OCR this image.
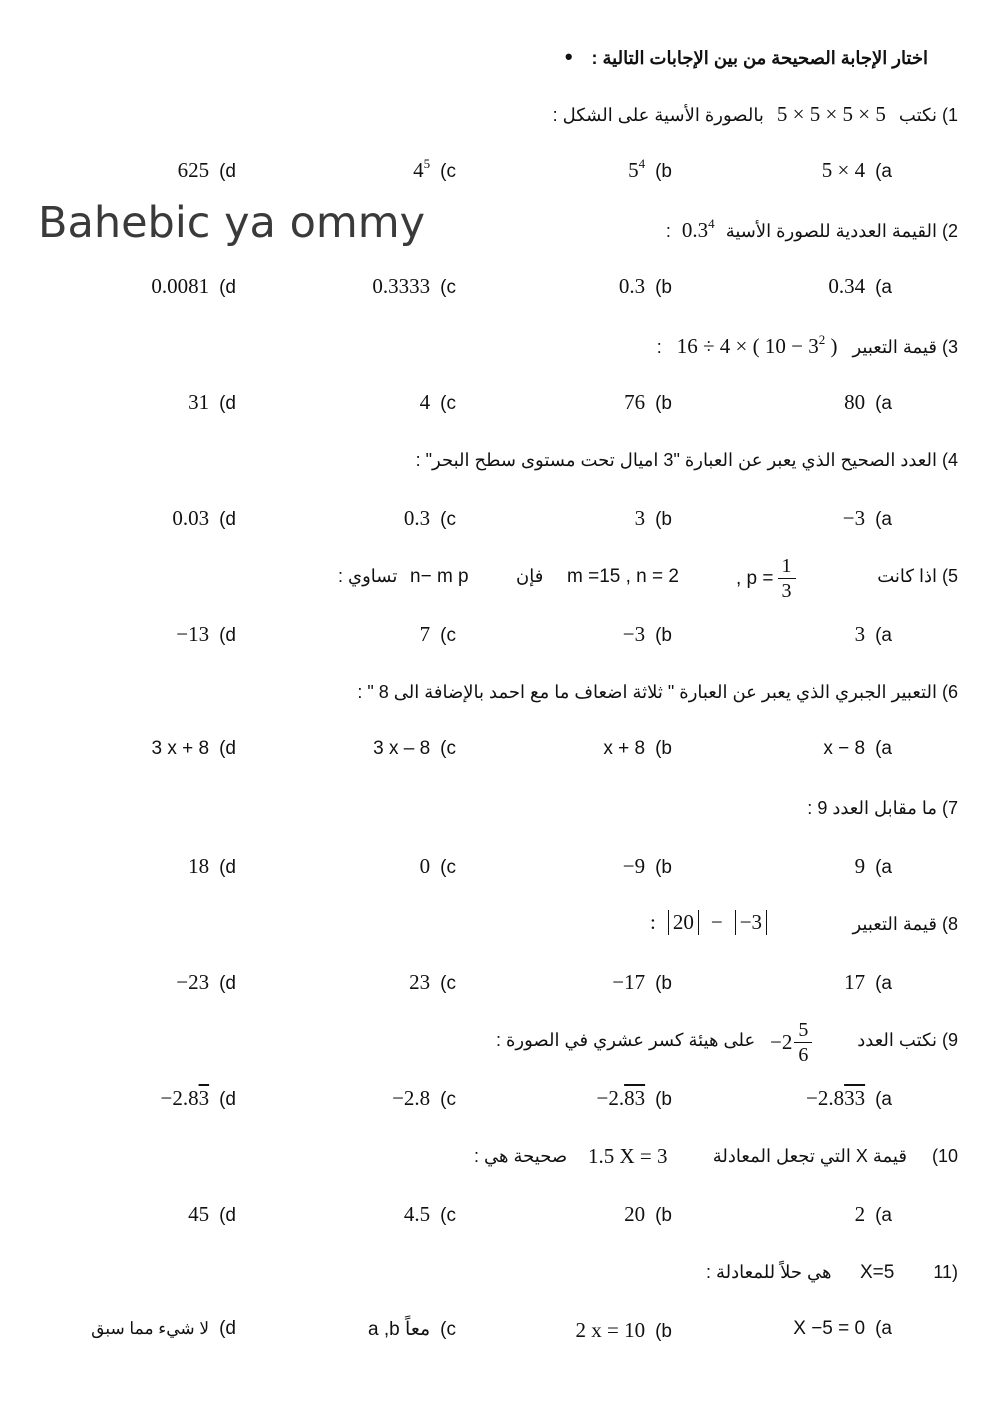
اختار الإجابة الصحيحة من بين الإجابات التالية : •
Bahebic ya ommy
1) نكتب 5 × 5 × 5 × 5 بالصورة الأسية على الشكل :
5 × 4 (a
$5^4$ (b
$4^5$ (c
625 (d
2) القيمة العددية للصورة الأسية $0.3^4$ :
0.34 (a
0.3 (b
0.3333 (c
0.0081 (d
3) قيمة التعبير 16 ÷ 4 × ( $10 - 3^2$ ) :
80 (a
76 (b
4 (c
31 (d
4) العدد الصحيح الذي يعبر عن العبارة "3 اميال تحت مستوى سطح البحر" :
−3 (a
3 (b
0.3 (c
0.03 (d
5) اذا كانت
, $p = \frac{1}{3}$
m =15 , n = 2
فإن
n− m p
تساوي :
3 (a
−3 (b
7 (c
−13 (d
6) التعبير الجبري الذي يعبر عن العبارة " ثلاثة اضعاف ما مع احمد بالإضافة الى 8 " :
x − 8 (a
x + 8 (b
3 x – 8 (c
3 x + 8 (d
7) ما مقابل العدد 9 :
9 (a
−9 (b
0 (c
18 (d
8) قيمة التعبير
: 20 − −3
17 (a
−17 (b
23 (c
−23 (d
9) نكتب العدد
$-2 \frac{5}{6}$
على هيئة كسر عشري في الصورة :
−2.833 (a
−2.83 (b
−2.8 (c
−2.83 (d
10) قيمة X التي تجعل المعادلة
1.5 X = 3
صحيحة هي :
2 (a
20 (b
4.5 (c
45 (d
11)
X=5
هي حلاً للمعادلة :
X −5 = 0 (a
2 x = 10 (b
a ,b معاً (c
لا شيء مما سبق (d
